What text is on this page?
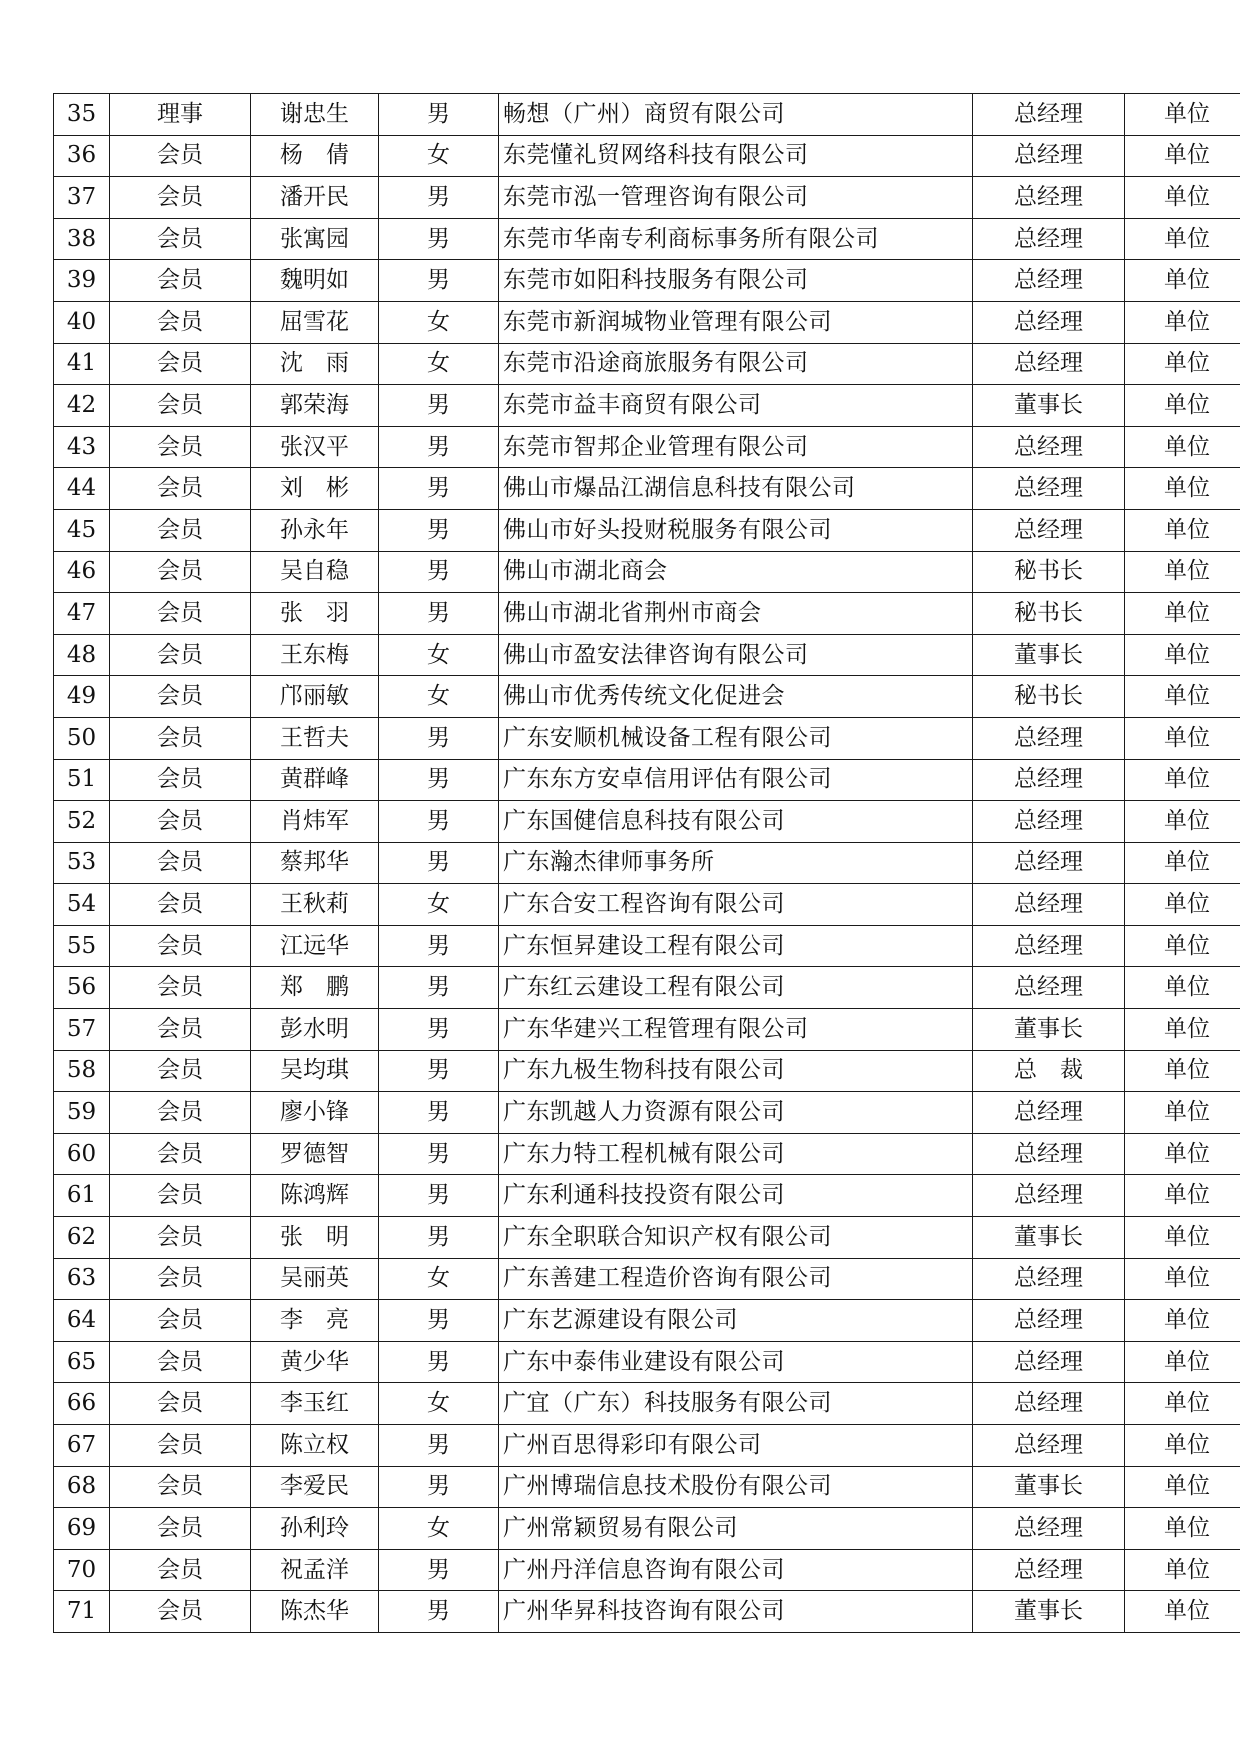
35	理事	谢忠生	男	畅想（广州）商贸有限公司	总经理	单位
36	会员	杨　倩	女	东莞懂礼贸网络科技有限公司	总经理	单位
37	会员	潘开民	男	东莞市泓一管理咨询有限公司	总经理	单位
38	会员	张寓园	男	东莞市华南专利商标事务所有限公司	总经理	单位
39	会员	魏明如	男	东莞市如阳科技服务有限公司	总经理	单位
40	会员	屈雪花	女	东莞市新润城物业管理有限公司	总经理	单位
41	会员	沈　雨	女	东莞市沿途商旅服务有限公司	总经理	单位
42	会员	郭荣海	男	东莞市益丰商贸有限公司	董事长	单位
43	会员	张汉平	男	东莞市智邦企业管理有限公司	总经理	单位
44	会员	刘　彬	男	佛山市爆品江湖信息科技有限公司	总经理	单位
45	会员	孙永年	男	佛山市好头投财税服务有限公司	总经理	单位
46	会员	吴自稳	男	佛山市湖北商会	秘书长	单位
47	会员	张　羽	男	佛山市湖北省荆州市商会	秘书长	单位
48	会员	王东梅	女	佛山市盈安法律咨询有限公司	董事长	单位
49	会员	邝丽敏	女	佛山市优秀传统文化促进会	秘书长	单位
50	会员	王哲夫	男	广东安顺机械设备工程有限公司	总经理	单位
51	会员	黄群峰	男	广东东方安卓信用评估有限公司	总经理	单位
52	会员	肖炜军	男	广东国健信息科技有限公司	总经理	单位
53	会员	蔡邦华	男	广东瀚杰律师事务所	总经理	单位
54	会员	王秋莉	女	广东合安工程咨询有限公司	总经理	单位
55	会员	江远华	男	广东恒昇建设工程有限公司	总经理	单位
56	会员	郑　鹏	男	广东红云建设工程有限公司	总经理	单位
57	会员	彭水明	男	广东华建兴工程管理有限公司	董事长	单位
58	会员	吴均琪	男	广东九极生物科技有限公司	总　裁	单位
59	会员	廖小锋	男	广东凯越人力资源有限公司	总经理	单位
60	会员	罗德智	男	广东力特工程机械有限公司	总经理	单位
61	会员	陈鸿辉	男	广东利通科技投资有限公司	总经理	单位
62	会员	张　明	男	广东全职联合知识产权有限公司	董事长	单位
63	会员	吴丽英	女	广东善建工程造价咨询有限公司	总经理	单位
64	会员	李　亮	男	广东艺源建设有限公司	总经理	单位
65	会员	黄少华	男	广东中泰伟业建设有限公司	总经理	单位
66	会员	李玉红	女	广宜（广东）科技服务有限公司	总经理	单位
67	会员	陈立权	男	广州百思得彩印有限公司	总经理	单位
68	会员	李爱民	男	广州博瑞信息技术股份有限公司	董事长	单位
69	会员	孙利玲	女	广州常颖贸易有限公司	总经理	单位
70	会员	祝孟洋	男	广州丹洋信息咨询有限公司	总经理	单位
71	会员	陈杰华	男	广州华昇科技咨询有限公司	董事长	单位
